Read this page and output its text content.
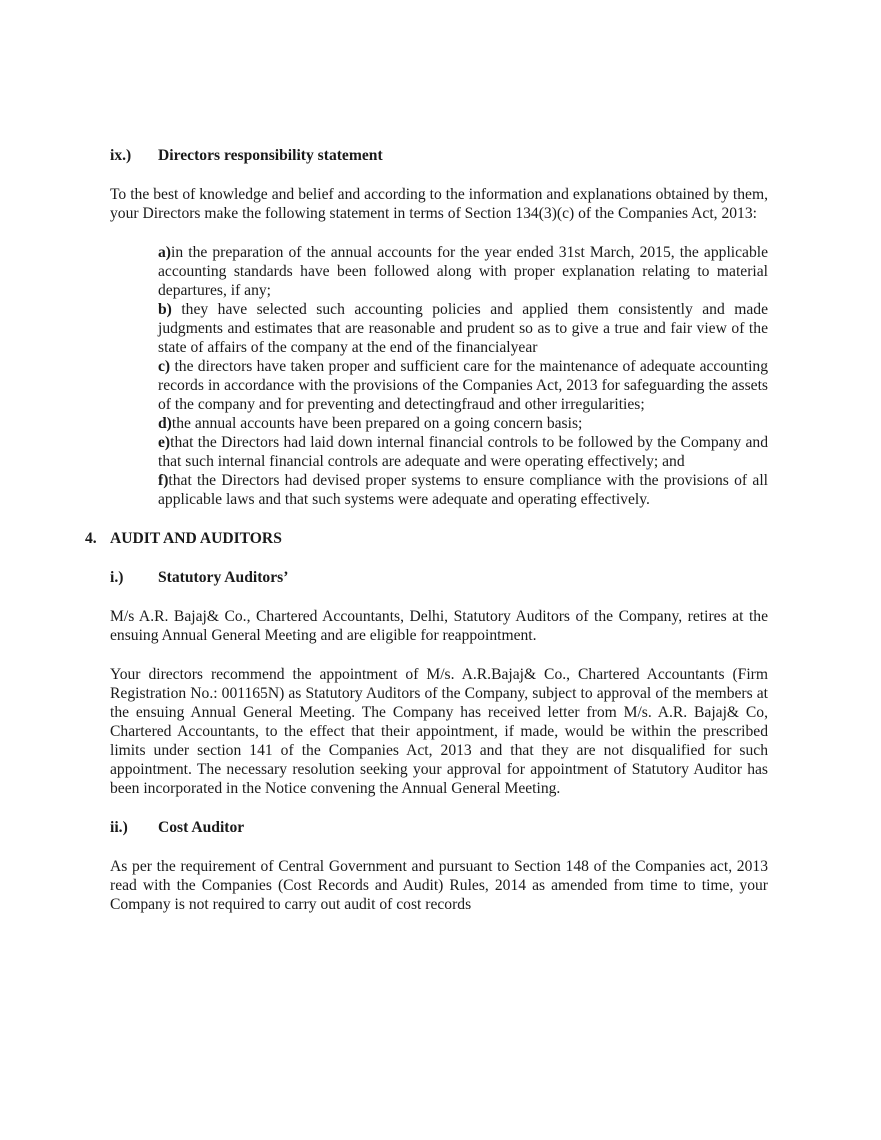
ix.) Directors responsibility statement

To the best of knowledge and belief and according to the information and explanations obtained by them, your Directors make the following statement in terms of Section 134(3)(c) of the Companies Act, 2013:

a)in the preparation of the annual accounts for the year ended 31st March, 2015, the applicable accounting standards have been followed along with proper explanation relating to material departures, if any;
b) they have selected such accounting policies and applied them consistently and made judgments and estimates that are reasonable and prudent so as to give a true and fair view of the state of affairs of the company at the end of the financialyear
c) the directors have taken proper and sufficient care for the maintenance of adequate accounting records in accordance with the provisions of the Companies Act, 2013 for safeguarding the assets of the company and for preventing and detectingfraud and other irregularities;
d)the annual accounts have been prepared on a going concern basis;
e)that the Directors had laid down internal financial controls to be followed by the Company and that such internal financial controls are adequate and were operating effectively; and
f)that the Directors had devised proper systems to ensure compliance with the provisions of all applicable laws and that such systems were adequate and operating effectively.
4. AUDIT AND AUDITORS
i.) Statutory Auditors’

M/s A.R. Bajaj& Co., Chartered Accountants, Delhi, Statutory Auditors of the Company, retires at the ensuing Annual General Meeting and are eligible for reappointment.

Your directors recommend the appointment of M/s. A.R.Bajaj& Co., Chartered Accountants (Firm Registration No.: 001165N) as Statutory Auditors of the Company, subject to approval of the members at the ensuing Annual General Meeting. The Company has received letter from M/s. A.R. Bajaj& Co, Chartered Accountants, to the effect that their appointment, if made, would be within the prescribed limits under section 141 of the Companies Act, 2013 and that they are not disqualified for such appointment. The necessary resolution seeking your approval for appointment of Statutory Auditor has been incorporated in the Notice convening the Annual General Meeting.

ii.) Cost Auditor

As per the requirement of Central Government and pursuant to Section 148 of the Companies act, 2013 read with the Companies (Cost Records and Audit) Rules, 2014 as amended from time to time, your Company is not required to carry out audit of cost records
